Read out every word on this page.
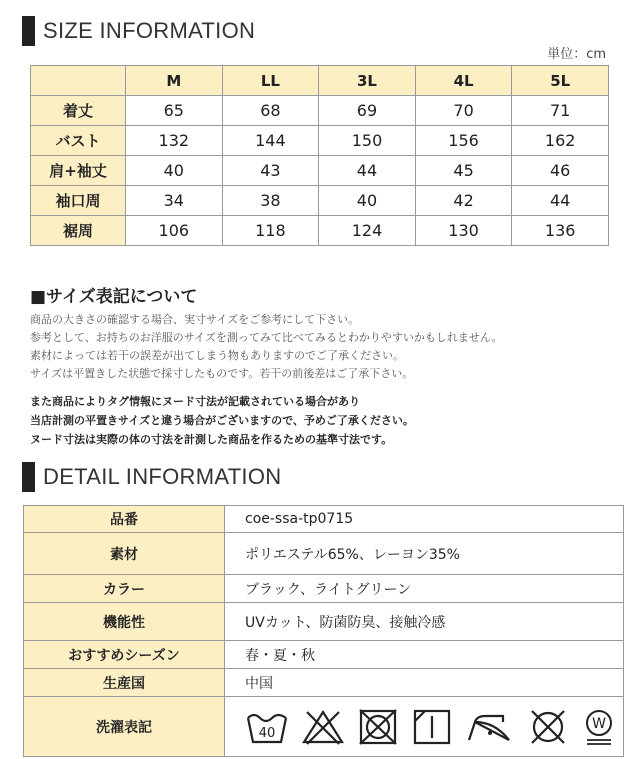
SIZE INFORMATION
単位：cm
	M	LL	3L	4L	5L
着丈	65	68	69	70	71
バスト	132	144	150	156	162
肩+袖丈	40	43	44	45	46
袖口周	34	38	40	42	44
裾周	106	118	124	130	136
■サイズ表記について
商品の大きさの確認する場合、実寸サイズをご参考にして下さい。
参考として、お持ちのお洋服のサイズを測ってみて比べてみるとわかりやすいかもしれません。
素材によっては若干の誤差が出てしまう物もありますのでご了承ください。
サイズは平置きした状態で採寸したものです。若干の前後差はご了承下さい。
また商品によりタグ情報にヌード寸法が記載されている場合があり
当店計測の平置きサイズと違う場合がございますので、予めご了承ください。
ヌード寸法は実際の体の寸法を計測した商品を作るための基準寸法です。
DETAIL INFORMATION
品番	coe-ssa-tp0715
素材	ポリエステル65%、レーヨン35%
カラー	ブラック、ライトグリーン
機能性	UVカット、防菌防臭、接触冷感
おすすめシーズン	春・夏・秋
生産国	中国
洗濯表記	40
W
